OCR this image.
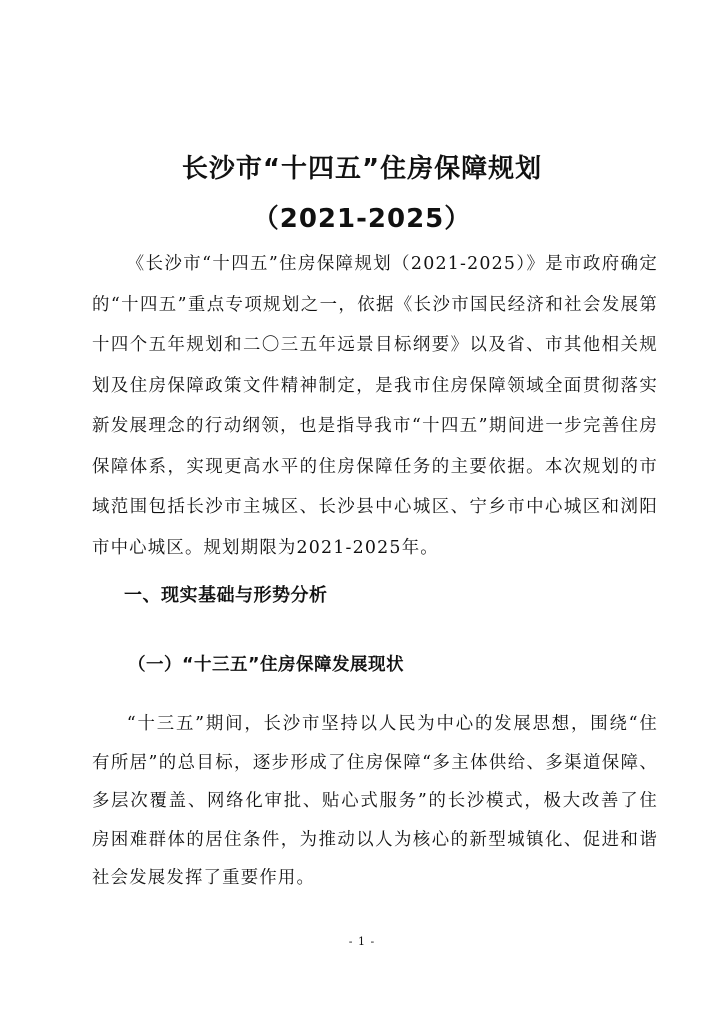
长沙市“十四五”住房保障规划
（2021-2025）

《长沙市“十四五”住房保障规划（2021-2025）》是市政府确定的“十四五”重点专项规划之一，依据《长沙市国民经济和社会发展第十四个五年规划和二〇三五年远景目标纲要》以及省、市其他相关规划及住房保障政策文件精神制定，是我市住房保障领域全面贯彻落实新发展理念的行动纲领，也是指导我市“十四五”期间进一步完善住房保障体系，实现更高水平的住房保障任务的主要依据。本次规划的市域范围包括长沙市主城区、长沙县中心城区、宁乡市中心城区和浏阳市中心城区。规划期限为2021-2025年。

一、现实基础与形势分析
（一）“十三五”住房保障发展现状

“十三五”期间，长沙市坚持以人民为中心的发展思想，围绕“住有所居”的总目标，逐步形成了住房保障“多主体供给、多渠道保障、多层次覆盖、网络化审批、贴心式服务”的长沙模式，极大改善了住房困难群体的居住条件，为推动以人为核心的新型城镇化、促进和谐社会发展发挥了重要作用。

- 1 -
